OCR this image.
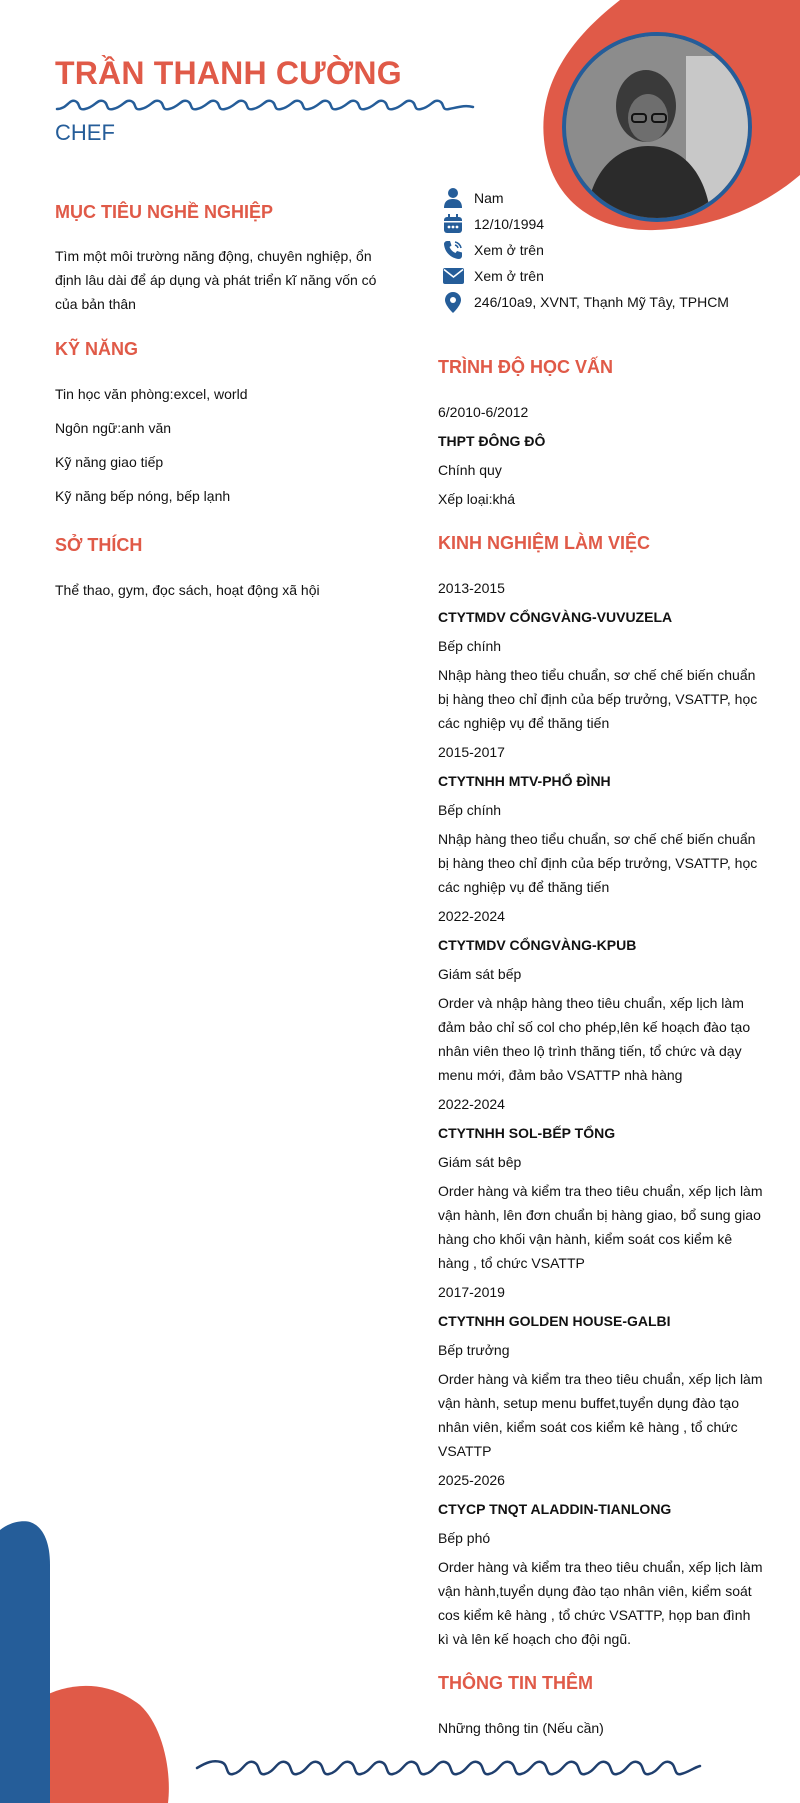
TRẦN THANH CƯỜNG
CHEF
Nam
12/10/1994
Xem ở trên
Xem ở trên
246/10a9, XVNT, Thạnh Mỹ Tây, TPHCM
MỤC TIÊU NGHỀ NGHIỆP
Tìm một môi trường năng động, chuyên nghiệp, ổn định lâu dài để áp dụng và phát triển kĩ năng vốn có của bản thân
KỸ NĂNG
Tin học văn phòng:excel, world
Ngôn ngữ:anh văn
Kỹ năng giao tiếp
Kỹ năng bếp nóng, bếp lạnh
SỞ THÍCH
Thể thao, gym, đọc sách, hoạt động xã hội
TRÌNH ĐỘ HỌC VẤN
6/2010-6/2012
THPT ĐÔNG ĐÔ
Chính quy
Xếp loại:khá
KINH NGHIỆM LÀM VIỆC
2013-2015
CTYTMDV CỔNGVÀNG-VUVUZELA
Bếp chính
Nhập hàng theo tiểu chuẩn, sơ chế chế biến chuẩn bị hàng theo chỉ định của bếp trưởng, VSATTP, học các nghiệp vụ để thăng tiến
2015-2017
CTYTNHH MTV-PHỔ ĐÌNH
Bếp chính
Nhập hàng theo tiểu chuẩn, sơ chế chế biến chuẩn bị hàng theo chỉ định của bếp trưởng, VSATTP, học các nghiệp vụ để thăng tiến
2022-2024
CTYTMDV CỔNGVÀNG-KPUB
Giám sát bếp
Order và nhập hàng theo tiêu chuẩn, xếp lịch làm đảm bảo chỉ số col cho phép,lên kế hoạch đào tạo nhân viên theo lộ trình thăng tiến, tổ chức và dạy menu mới, đảm bảo VSATTP nhà hàng
2022-2024
CTYTNHH SOL-BẾP TỔNG
Giám sát bêp
Order hàng và kiểm tra theo tiêu chuẩn, xếp lịch làm vận hành, lên đơn chuẩn bị hàng giao, bổ sung giao hàng cho khối vận hành, kiểm soát cos kiểm kê hàng , tổ chức VSATTP
2017-2019
CTYTNHH GOLDEN HOUSE-GALBI
Bếp trưởng
Order hàng và kiểm tra theo tiêu chuẩn, xếp lịch làm vận hành, setup menu buffet,tuyển dụng đào tạo nhân viên, kiểm soát cos kiểm kê hàng , tổ chức VSATTP
2025-2026
CTYCP TNQT ALADDIN-TIANLONG
Bếp phó
Order hàng và kiểm tra theo tiêu chuẩn, xếp lịch làm vận hành,tuyển dụng đào tạo nhân viên, kiểm soát cos kiểm kê hàng , tổ chức VSATTP, họp ban đình kì và lên kế hoạch cho đội ngũ.
THÔNG TIN THÊM
Những thông tin (Nếu cần)
